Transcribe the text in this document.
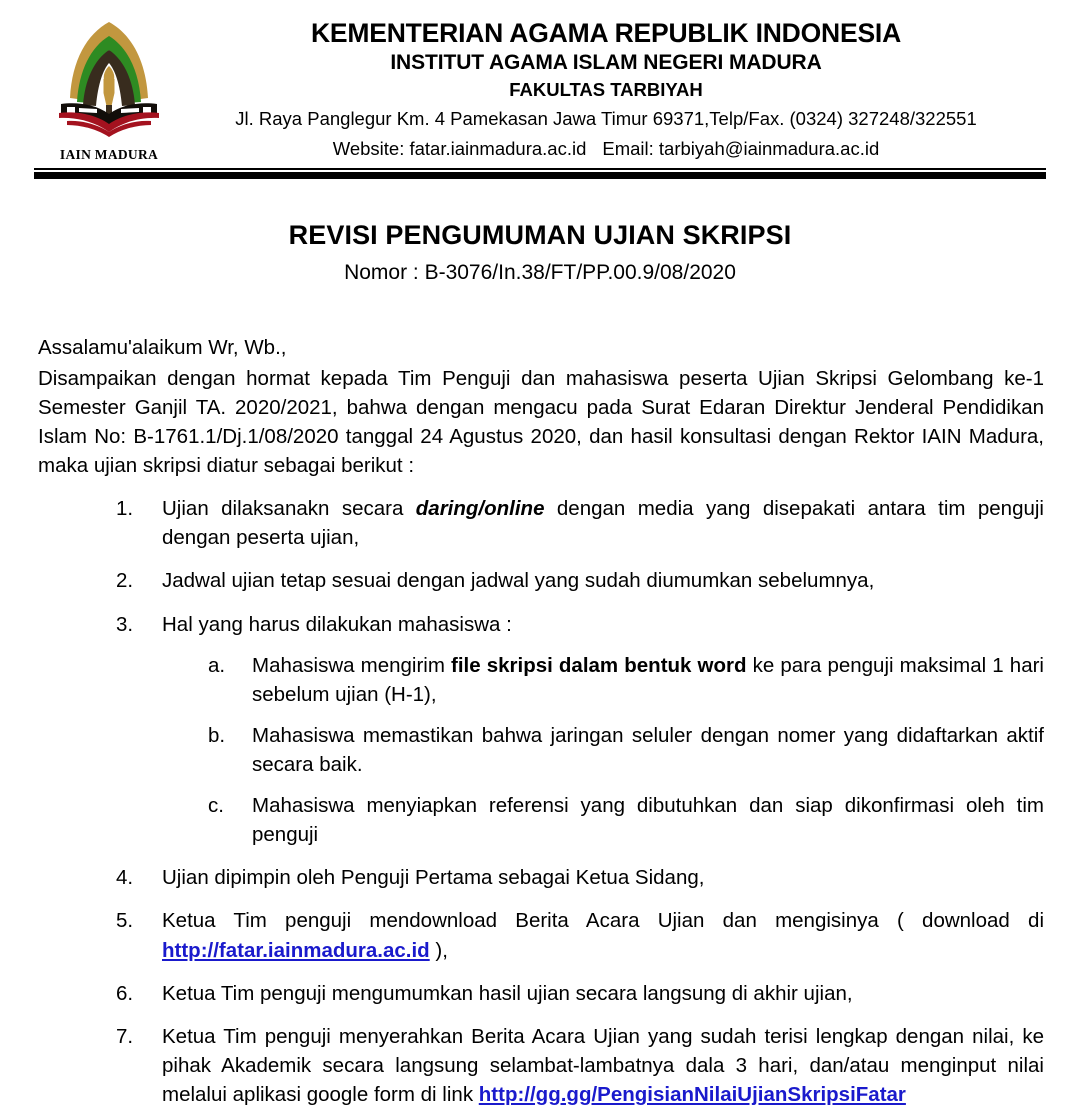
IAIN MADURA
KEMENTERIAN AGAMA REPUBLIK INDONESIA
INSTITUT AGAMA ISLAM NEGERI MADURA
FAKULTAS TARBIYAH
Jl. Raya Panglegur Km. 4 Pamekasan Jawa Timur 69371,Telp/Fax. (0324) 327248/322551
Website: fatar.iainmadura.ac.id Email: tarbiyah@iainmadura.ac.id
REVISI PENGUMUMAN UJIAN SKRIPSI
Nomor : B-3076/In.38/FT/PP.00.9/08/2020

Assalamu'alaikum Wr, Wb.,

Disampaikan dengan hormat kepada Tim Penguji dan mahasiswa peserta Ujian Skripsi Gelombang ke-1 Semester Ganjil TA. 2020/2021, bahwa dengan mengacu pada Surat Edaran Direktur Jenderal Pendidikan Islam No: B-1761.1/Dj.1/08/2020 tanggal 24 Agustus 2020, dan hasil konsultasi dengan Rektor IAIN Madura, maka ujian skripsi diatur sebagai berikut :

1.	Ujian dilaksanakn secara daring/online dengan media yang disepakati antara tim penguji dengan peserta ujian,
2.	Jadwal ujian tetap sesuai dengan jadwal yang sudah diumumkan sebelumnya,
3.	Hal yang harus dilakukan mahasiswa :
a.	Mahasiswa mengirim file skripsi dalam bentuk word ke para penguji maksimal 1 hari sebelum ujian (H-1),
b.	Mahasiswa memastikan bahwa jaringan seluler dengan nomer yang didaftarkan aktif secara baik.
c.	Mahasiswa menyiapkan referensi yang dibutuhkan dan siap dikonfirmasi oleh tim penguji
4.	Ujian dipimpin oleh Penguji Pertama sebagai Ketua Sidang,
5.	Ketua Tim penguji mendownload Berita Acara Ujian dan mengisinya ( download di http://fatar.iainmadura.ac.id ),
6.	Ketua Tim penguji mengumumkan hasil ujian secara langsung di akhir ujian,
7.	Ketua Tim penguji menyerahkan Berita Acara Ujian yang sudah terisi lengkap dengan nilai, ke pihak Akademik secara langsung selambat-lambatnya dala 3 hari, dan/atau menginput nilai melalui aplikasi google form di link http://gg.gg/PengisianNilaiUjianSkripsiFatar
